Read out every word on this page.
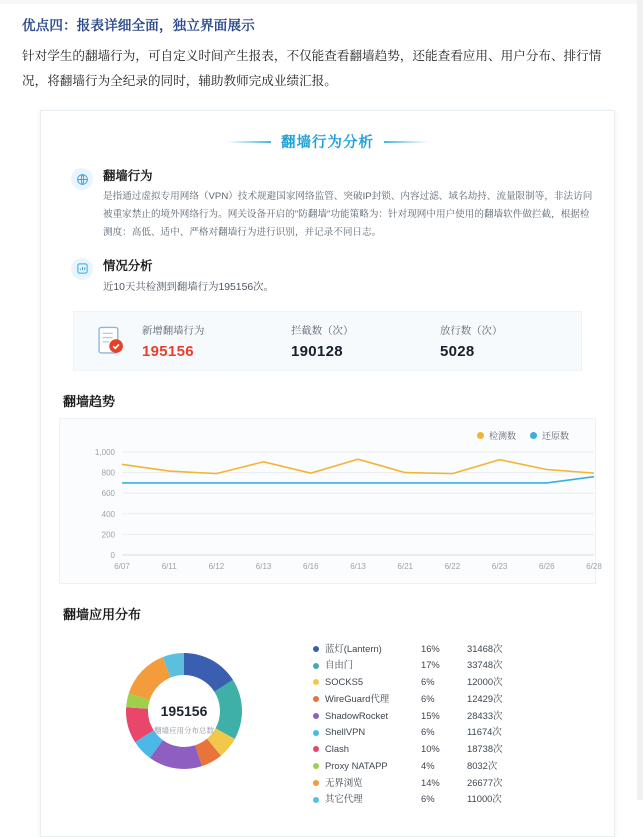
优点四：报表详细全面，独立界面展示
针对学生的翻墙行为，可自定义时间产生报表，不仅能查看翻墙趋势，还能查看应用、用户分布、排行情况，将翻墙行为全纪录的同时，辅助教师完成业绩汇报。
翻墙行为分析
翻墙行为
是指通过虚拟专用网络（VPN）技术规避国家网络监管、突破IP封锁、内容过滤、域名劫持、流量限制等，非法访问被重家禁止的境外网络行为。网关设备开启的"防翻墙"功能策略为：针对现网中用户使用的翻墙软件做拦截，根据检测度：高低、适中、严格对翻墙行为进行识别，并记录不同日志。
情况分析
近10天共检测到翻墙行为195156次。
新增翻墙行为
195156
拦截数（次）
190128
放行数（次）
5028
翻墙趋势
检测数	还原数
0
200
400
600
800
1,000
6/07	6/11	6/12	6/13	6/16	6/13	6/21	6/22	6/23	6/26	6/28
翻墙应用分布
195156
翻墙应用分布总数
蓝灯(Lantern)	16%	31468次
自由门	17%	33748次
SOCKS5	6%	12000次
WireGuard代理	6%	12429次
ShadowRocket	15%	28433次
ShellVPN	6%	11674次
Clash	10%	18738次
Proxy NATAPP	4%	8032次
无界浏览	14%	26677次
其它代理	6%	11000次
